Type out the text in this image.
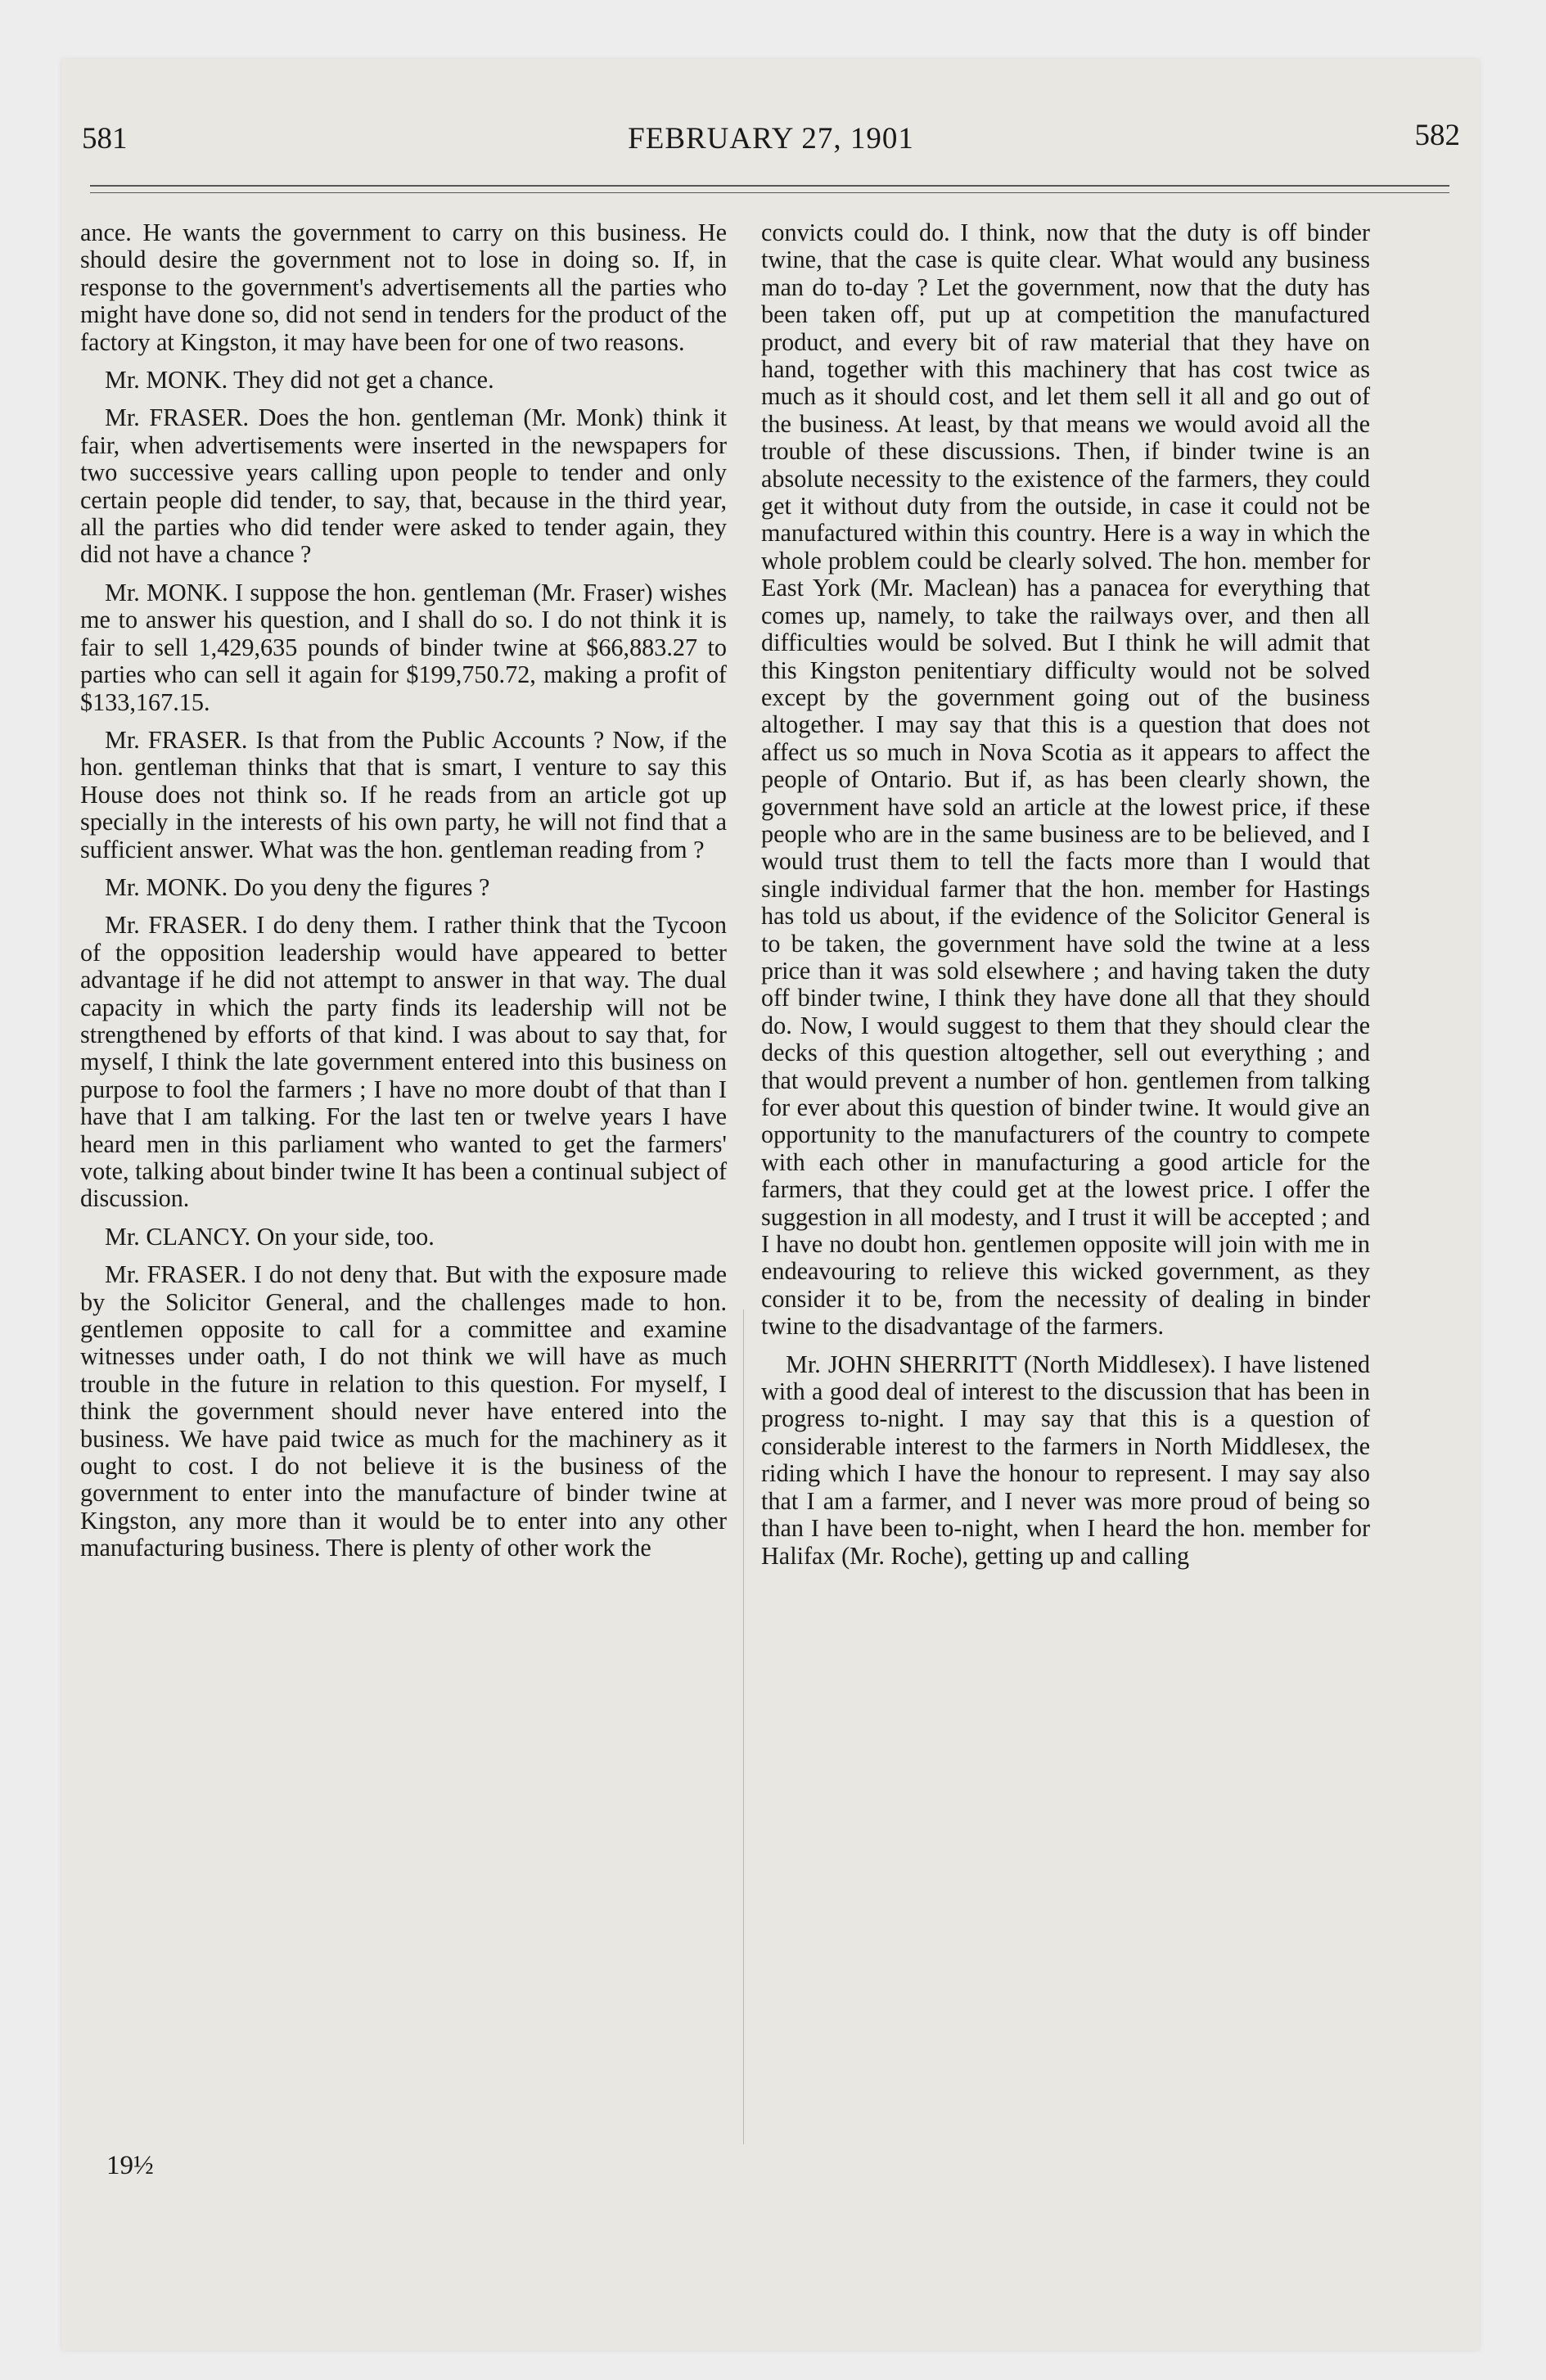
581	FEBRUARY 27, 1901	582

ance. He wants the government to carry on this business. He should desire the government not to lose in doing so. If, in response to the government's advertisements all the parties who might have done so, did not send in tenders for the product of the factory at Kingston, it may have been for one of two reasons.

Mr. MONK. They did not get a chance.

Mr. FRASER. Does the hon. gentleman (Mr. Monk) think it fair, when advertisements were inserted in the newspapers for two successive years calling upon people to tender and only certain people did tender, to say, that, because in the third year, all the parties who did tender were asked to tender again, they did not have a chance ?

Mr. MONK. I suppose the hon. gentleman (Mr. Fraser) wishes me to answer his question, and I shall do so. I do not think it is fair to sell 1,429,635 pounds of binder twine at $66,883.27 to parties who can sell it again for $199,750.72, making a profit of $133,167.15.

Mr. FRASER. Is that from the Public Accounts ? Now, if the hon. gentleman thinks that that is smart, I venture to say this House does not think so. If he reads from an article got up specially in the interests of his own party, he will not find that a sufficient answer. What was the hon. gentleman reading from ?

Mr. MONK. Do you deny the figures ?

Mr. FRASER. I do deny them. I rather think that the Tycoon of the opposition leadership would have appeared to better advantage if he did not attempt to answer in that way. The dual capacity in which the party finds its leadership will not be strengthened by efforts of that kind. I was about to say that, for myself, I think the late government entered into this business on purpose to fool the farmers ; I have no more doubt of that than I have that I am talking. For the last ten or twelve years I have heard men in this parliament who wanted to get the farmers' vote, talking about binder twine It has been a continual subject of discussion.

Mr. CLANCY. On your side, too.

Mr. FRASER. I do not deny that. But with the exposure made by the Solicitor General, and the challenges made to hon. gentlemen opposite to call for a committee and examine witnesses under oath, I do not think we will have as much trouble in the future in relation to this question. For myself, I think the government should never have entered into the business. We have paid twice as much for the machinery as it ought to cost. I do not believe it is the business of the government to enter into the manufacture of binder twine at Kingston, any more than it would be to enter into any other manufacturing business. There is plenty of other work the

convicts could do. I think, now that the duty is off binder twine, that the case is quite clear. What would any business man do to-day ? Let the government, now that the duty has been taken off, put up at competition the manufactured product, and every bit of raw material that they have on hand, together with this machinery that has cost twice as much as it should cost, and let them sell it all and go out of the business. At least, by that means we would avoid all the trouble of these discussions. Then, if binder twine is an absolute necessity to the existence of the farmers, they could get it without duty from the outside, in case it could not be manufactured within this country. Here is a way in which the whole problem could be clearly solved. The hon. member for East York (Mr. Maclean) has a panacea for everything that comes up, namely, to take the railways over, and then all difficulties would be solved. But I think he will admit that this Kingston penitentiary difficulty would not be solved except by the government going out of the business altogether. I may say that this is a question that does not affect us so much in Nova Scotia as it appears to affect the people of Ontario. But if, as has been clearly shown, the government have sold an article at the lowest price, if these people who are in the same business are to be believed, and I would trust them to tell the facts more than I would that single individual farmer that the hon. member for Hastings has told us about, if the evidence of the Solicitor General is to be taken, the government have sold the twine at a less price than it was sold elsewhere ; and having taken the duty off binder twine, I think they have done all that they should do. Now, I would suggest to them that they should clear the decks of this question altogether, sell out everything ; and that would prevent a number of hon. gentlemen from talking for ever about this question of binder twine. It would give an opportunity to the manufacturers of the country to compete with each other in manufacturing a good article for the farmers, that they could get at the lowest price. I offer the suggestion in all modesty, and I trust it will be accepted ; and I have no doubt hon. gentlemen opposite will join with me in endeavouring to relieve this wicked government, as they consider it to be, from the necessity of dealing in binder twine to the disadvantage of the farmers.

Mr. JOHN SHERRITT (North Middlesex). I have listened with a good deal of interest to the discussion that has been in progress to-night. I may say that this is a question of considerable interest to the farmers in North Middlesex, the riding which I have the honour to represent. I may say also that I am a farmer, and I never was more proud of being so than I have been to-night, when I heard the hon. member for Halifax (Mr. Roche), getting up and calling

19½
